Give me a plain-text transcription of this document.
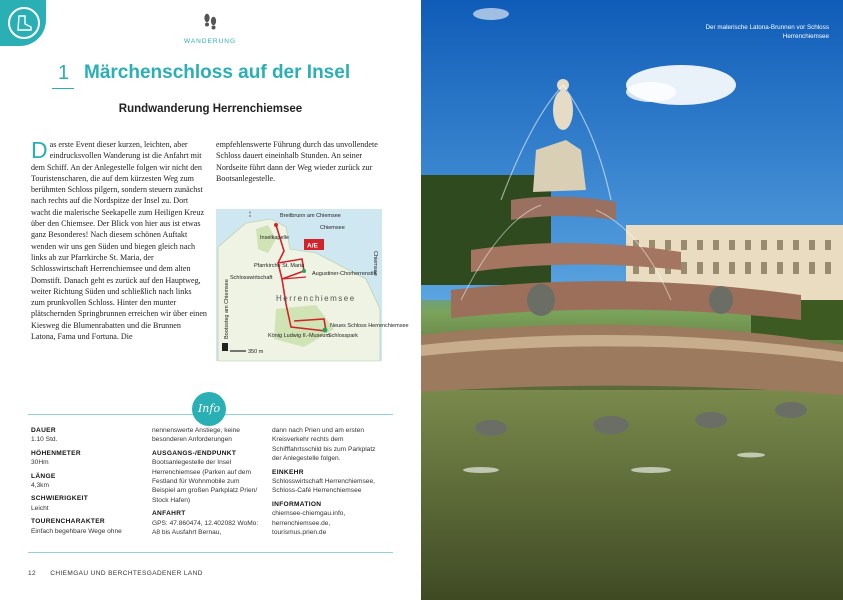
WANDERUNG
1 Märchenschloss auf der Insel
Rundwanderung Herrenchiemsee
Das erste Event dieser kurzen, leichten, aber eindrucksvollen Wanderung ist die Anfahrt mit dem Schiff. An der Anlegestelle folgen wir nicht den Touristenscharen, die auf dem kürzesten Weg zum berühmten Schloss pilgern, sondern steuern zunächst nach rechts auf die Nordspitze der Insel zu. Dort wacht die malerische Seekapelle zum Heiligen Kreuz über den Chiemsee. Der Blick von hier aus ist etwas ganz Besonderes! Nach diesem schönen Auftakt wenden wir uns gen Süden und biegen gleich nach links ab zur Pfarrkirche St. Maria, der Schlosswirtschaft Herrenchiemsee und dem alten Domstift. Danach geht es zurück auf den Hauptweg, weiter Richtung Süden und schließlich nach links zum prunkvollen Schloss. Hinter den munter plätschernden Springbrunnen erreichen wir über einen Kiesweg die Blumenrabatten und die Brunnen Latona, Fama und Fortuna. Die
empfehlenswerte Führung durch das unvollendete Schloss dauert eineinhalb Stunden. An seiner Nordseite führt dann der Weg wieder zurück zur Bootsanlegestelle.
A/E
Breitbrunn am Chiemsee
Chiemsee
Inselkapelle
Pfarrkirche St. Maria
Schlosswirtschaft
Augustiner-Chorherrenstift
Herrenchiemsee
König Ludwig II.-Museum
Neues Schloss Herrenchiemsee
Schlosspark
Bootssteg am Chiemsee
Chiemsee
350 m
Info
DAUER
1.10 Std.
HÖHENMETER
30Hm
LÄNGE
4,3km
SCHWIERIGKEIT
Leicht
TOURENCHARAKTER
Einfach begehbare Wege ohne
nennenswerte Anstiege, keine besonderen Anforderungen
AUSGANGS-/ENDPUNKT
Bootsanlegestelle der Insel Herrenchiemsee (Parken auf dem Festland für Wohnmobile zum Beispiel am großen Parkplatz Prien/ Stock Hafen)
ANFAHRT
GPS: 47.860474, 12.402082 WoMo: A8 bis Ausfahrt Bernau,
dann nach Prien und am ersten Kreisverkehr rechts dem Schifffahrtsschild bis zum Parkplatz der Anlegestelle folgen.
EINKEHR
Schlosswirtschaft Herrenchiemsee, Schloss-Café Herrenchiemsee
INFORMATION
chiemsee-chiemgau.info, herrenchiemsee.de, tourismus.prien.de
12 CHIEMGAU UND BERCHTESGADENER LAND
Der malerische Latona-Brunnen vor Schloss Herrenchiemsee
